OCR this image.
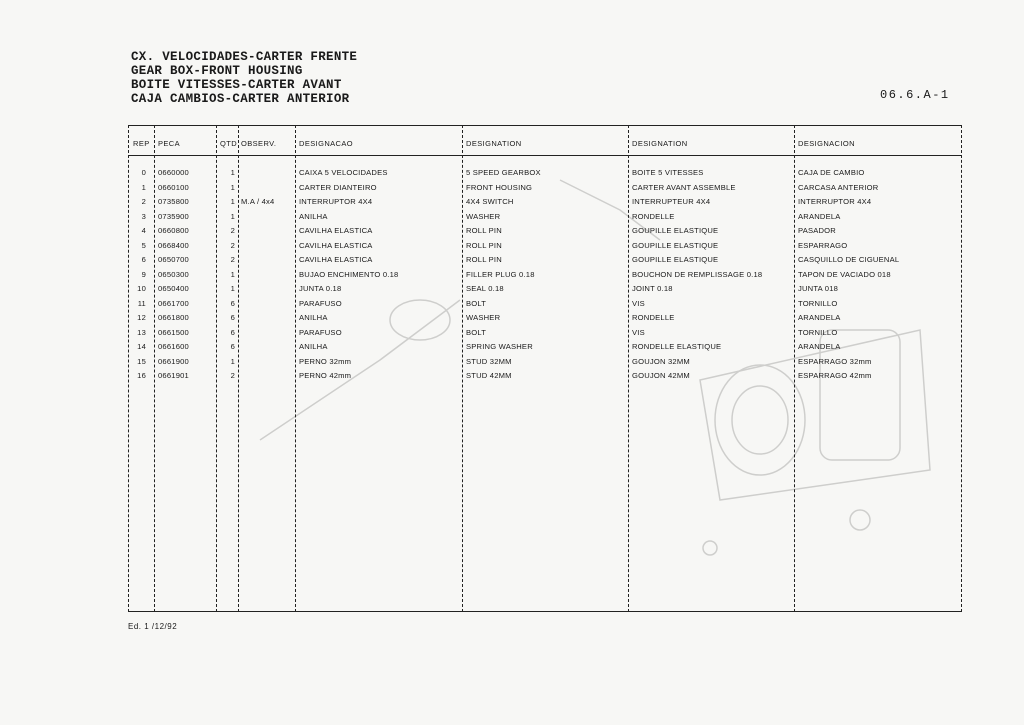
CX. VELOCIDADES-CARTER FRENTE
GEAR BOX-FRONT HOUSING
BOITE VITESSES-CARTER AVANT
CAJA CAMBIOS-CARTER ANTERIOR	06.6.A-1
REP PECA	QTD OBSERV.	DESIGNACAO	DESIGNATION	DESIGNATION	DESIGNACION
0 0660000	1	CAIXA 5 VELOCIDADES	5 SPEED GEARBOX	BOITE 5 VITESSES	CAJA DE CAMBIO
1 0660100	1	CARTER DIANTEIRO	FRONT HOUSING	CARTER AVANT ASSEMBLE	CARCASA ANTERIOR
2 0735800	1 M.A / 4x4	INTERRUPTOR 4X4	4X4 SWITCH	INTERRUPTEUR 4X4	INTERRUPTOR 4X4
3 0735900	1	ANILHA	WASHER	RONDELLE	ARANDELA
4 0660800	2	CAVILHA ELASTICA	ROLL PIN	GOUPILLE ELASTIQUE	PASADOR
5 0668400	2	CAVILHA ELASTICA	ROLL PIN	GOUPILLE ELASTIQUE	ESPARRAGO
6 0650700	2	CAVILHA ELASTICA	ROLL PIN	GOUPILLE ELASTIQUE	CASQUILLO DE CIGUENAL
9 0650300	1	BUJAO ENCHIMENTO 0.18	FILLER PLUG 0.18	BOUCHON DE REMPLISSAGE 0.18	TAPON DE VACIADO 018
10 0650400	1	JUNTA 0.18	SEAL 0.18	JOINT 0.18	JUNTA 018
11 0661700	6	PARAFUSO	BOLT	VIS	TORNILLO
12 0661800	6	ANILHA	WASHER	RONDELLE	ARANDELA
13 0661500	6	PARAFUSO	BOLT	VIS	TORNILLO
14 0661600	6	ANILHA	SPRING WASHER	RONDELLE ELASTIQUE	ARANDELA
15 0661900	1	PERNO 32mm	STUD 32MM	GOUJON 32MM	ESPARRAGO 32mm
16 0661901	2	PERNO 42mm	STUD 42MM	GOUJON 42MM	ESPARRAGO 42mm
Ed. 1 /12/92
